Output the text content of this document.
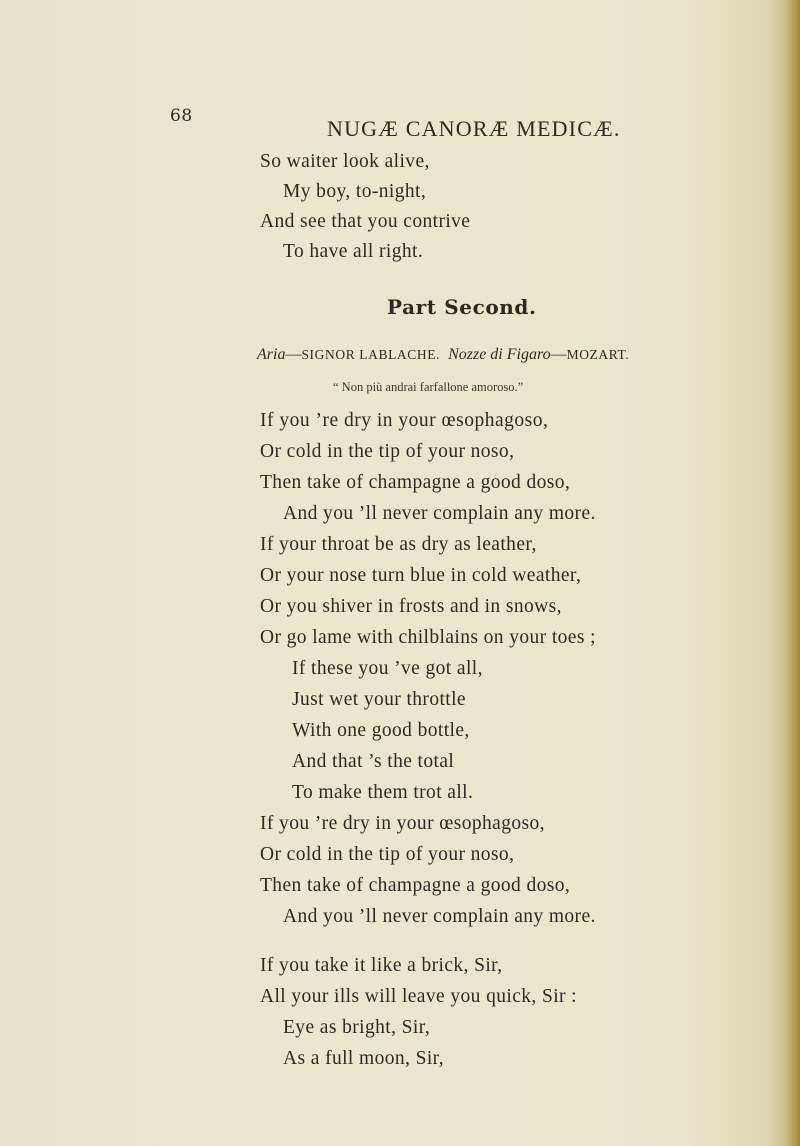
68	NUGÆ CANORÆ MEDICÆ.
So waiter look alive,
My boy, to-night,
And see that you contrive
To have all right.
Part Second.
Aria—SIGNOR LABLACHE. Nozze di Figaro—MOZART.
“ Non più andrai farfallone amoroso.”
If you ’re dry in your œsophagoso,
Or cold in the tip of your noso,
Then take of champagne a good doso,
And you ’ll never complain any more.
If your throat be as dry as leather,
Or your nose turn blue in cold weather,
Or you shiver in frosts and in snows,
Or go lame with chilblains on your toes ;
If these you ’ve got all,
Just wet your throttle
With one good bottle,
And that ’s the total
To make them trot all.
If you ’re dry in your œsophagoso,
Or cold in the tip of your noso,
Then take of champagne a good doso,
And you ’ll never complain any more.
If you take it like a brick, Sir,
All your ills will leave you quick, Sir :
Eye as bright, Sir,
As a full moon, Sir,
